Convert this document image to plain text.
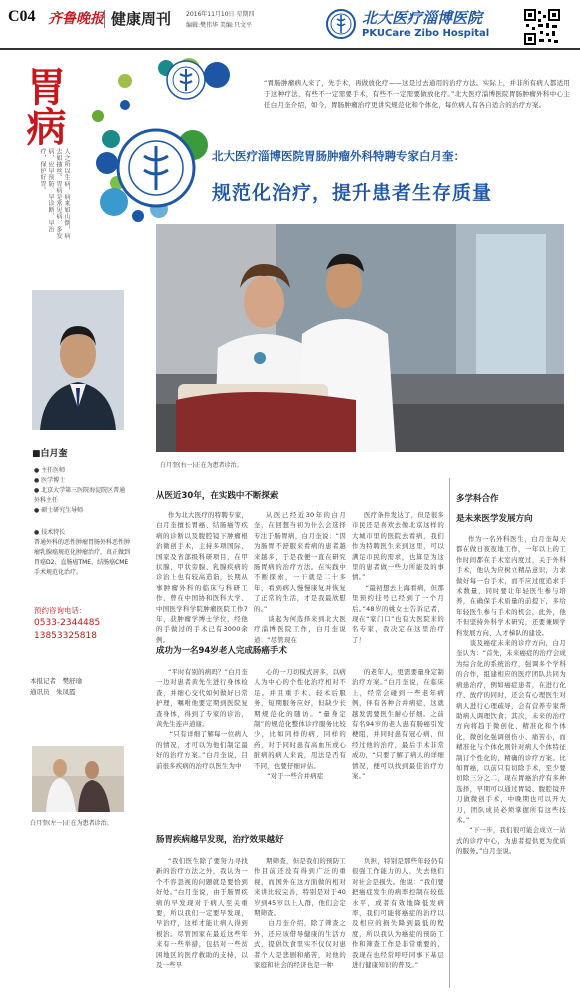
C04 齐鲁晚报 健康周刊 2016年11月10日 星期四
编辑:樊伟华 美编:只文平	北大医疗淄博医院
PKUCare Zibo Hospital
胃病
人之所以生病，病来如山倒，病去如抽丝。胃病是常见病、多发病，应早预防、早诊断、早治疗，保护好胃。
■白月奎
● 主任医师
● 医学博士
● 北京大学第三医院海淀院区普通外科主任
● 硕士研究生导师
● 技术特长
普通外科的恶性肿瘤胃肠外科恶性肿瘤乳腺癌规范化肿瘤治疗，真正做到胃癌D2、直肠癌TME、结肠癌CME手术规范化治疗。
预约咨询电话：
0533-2344485
13853325818
本报记者　 樊舒瑜
通讯员　 朱凤霞
白月奎(左一)正在为患者诊治。
“胃肠肿瘤病人来了，先手术，再做放化疗——这是过去通用的治疗方法。实际上，并非所有病人都适用于这种疗法，有些不一定需要手术，有些不一定需要做放化疗。”北大医疗淄博医院胃肠肿瘤外科中心主任白月奎介绍，如今，胃肠肿瘤治疗更讲究规范化和个体化，每位病人有各自适合的治疗方案。
北大医疗淄博医院胃肠肿瘤外科特聘专家白月奎：
规范化治疗，提升患者生存质量
白月奎(右一)正在为患者诊治。
从医近30年，在实践中不断探索
作为北大医疗的特聘专家，白月奎擅长胃癌、结肠癌等疾病的诊断以及腹腔镜下肿瘤根治微创手术，主持多项国际、国家及省部级科研项目，在甲状腺、甲状旁腺、乳腺疾病的诊治上也有较高造诣，长期从事肿瘤外科的临床与科研工作，曾在中国协和医科大学、中国医学科学院肿瘤医院工作7年，获肿瘤学博士学位，经他的手做过的手术已有3000余例。
从医已经近30年的白月奎，在回想当初为什么会选择专注于肠胃病，白月奎说：“因为肠胃不舒服来看病的患者越来越多，于是我便一直在研究肠胃病的治疗方法。在实践中不断探索，一干就是二十多年，看到病人慢慢康复并恢复了正常的生活，才是我最欣慰的。”
　　谈起为何选择来到北大医疗淄博医院工作，白月奎说道：“尽管现在
医疗条件发达了，但是很多市民还是喜欢去像北京这样的大城市里的医院去看病，我们作为特聘医生来到这里，可以满足市民的需求，也算是为这里的患者做一些力所能及的事情。”
　　“最初想去上海看病，但那里预约挂号已经到了一个月后。”48岁的姚女士告诉记者，现在“家门口”也有大医院来的名专家，我决定在这里治疗了！
成功为一名94岁老人完成肠癌手术
“平时有别的病吗？”白月奎一边对患者黄先生进行身体检查，并细心交代如何做好日常护理，嘱咐他要定期到医院复查身体，得到了专家的诊治，黄先生连声道谢。
　　“只有详细了解每一位病人的情况，才可以为他们制定最好的治疗方案。”白月奎说，目前很多疾病的治疗以医生为中
心的一刀切模式居多，以病人为中心的个性化治疗相对不足。并且重手术、轻术后服务，短期服务应好，但缺少长期规范化的随访。“量身定制”的规范化整体诊疗服务比较少，比如同样的病，同样的药，对于同时患有高血压或心脏病的病人来说，用法是否有不同，也要仔细评估。
　　“对于一些合并病症
的老年人，更需要量身定制治疗方案。”白月奎说，在临床上，经常会碰到一些老年病例，伴有各种合并病症，这就越发需要医生耐心仔细。之前有名94岁的老人患有肠癌引发梗阻，并同时患有冠心病，但经过他的治疗，最后手术非常成功，“只要了解了病人的详细情况，便可以找到最佳治疗方案。”
肠胃疾病越早发现，治疗效果越好
“我们医生除了要努力寻找新的治疗方法之外，我认为一个不容忽视的问题就是要恰到好处。”白月奎说，由于肠胃疾病的早发现对于病人至关重要，所以我们一定要早发现，早治疗，这样才能让病人得到根治。尽管国家在最近这些年来有一些举措，包括对一些贫困地区的医疗救助的支持，以及一些早
期筛查，但是我们的预防工作目前还没有得到广泛的重视，而国外在这方面做的相对来讲比较完善，特别是对于40岁到45岁以上人群，他们会定期筛查。
　　白月奎介绍，除了筛查之外，还应该借导健康的生活方式，提倡饮食里实不仅仅对患者个人是悲剧和痛苦，对他的家庭和社会的经济也是一种
负担，特别是那些年轻仍有很强工作能力的人，失去他们对社会是损失。他说：“我们要把癌症发生的病率控制在较低水平，或者有效地降低发病率，我们可能将癌症的治疗以及相应的损失降到最低的程度，所以我认为癌症的预防工作和筛查工作是非常重要的，我现在也经常呼吁同事下基层进行健康知识的普及。”
多学科合作
是未来医学发展方向
作为一名外科医生，白月奎每天都在做日夜夜地工作，一年以上的工作时间都在手术室内度过，关于外科手术，他认为应树立精品意识，力求做好每一台手术，而不应过度追求手术数量，同时要让年轻医生参与培养，在确保手术质量的前提下，多给年轻医生参与手术的机会，此外，他不但坚持外科学术研究，还要兼顾学科发展方向、人才梯队的建设。
　　谈及癌症未来的诊疗方向，白月奎认为：“首先，未来癌症的治疗会成为综合化的系统治疗，强调多个学科的合作，组建相应的医疗团队共同为病患治疗，例如癌症患者，在进行化疗、放疗的同时，还会有心理医生对病人进行心理疏导，会有营养专家帮助病人调理饮食；其次，未来的治疗方向将趋于微创化、精准化和个体化，微创化强调创伤小、痛苦小，而精准化与个体化则针对病人个体特征制订个性化的、精确的诊疗方案。比如胃癌，以前只有切除手术，至少要切除三分之二，现在胃癌治疗有多种选择，早期可以通过胃镜、腹腔镜开刀做微创手术，中晚期也可以开大刀，团队成员必须掌握所有这些技术。”
　　“下一步，我们很可能会成立一站式的诊疗中心，为患者提供更为优质的服务。”白月奎说。
